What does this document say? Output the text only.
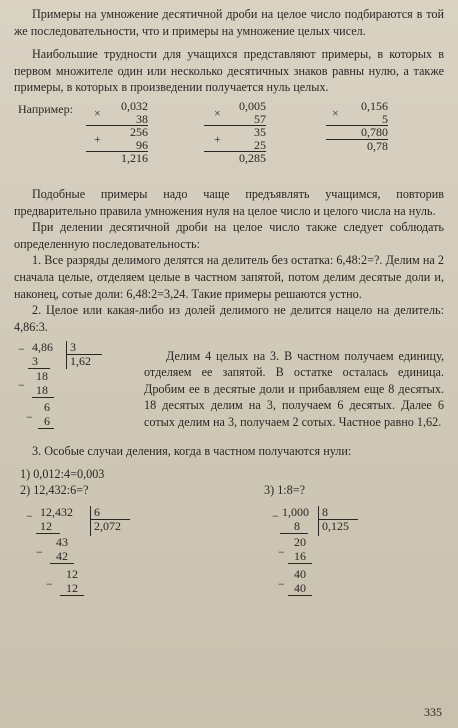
Примеры на умножение десятичной дроби на целое число подбираются в той же последовательности, что и примеры на умножение целых чисел.

Наибольшие трудности для учащихся представляют примеры, в которых в первом множителе один или несколько десятичных знаков равны нулю, а также примеры, в которых в произведении получается нуль целых.

Например: ×
+
0,032
38
256
96
1,216
×
+
0,005
57
35
25
0,285
×	0,156
5
0,780
0,78

Подобные примеры надо чаще предъявлять учащимся, повторив предварительно правила умножения нуля на целое число и целого числа на нуль.

При делении десятичной дроби на целое число также следует соблюдать определенную последовательность:

1. Все разряды делимого делятся на делитель без остатка: 6,48:2=?. Делим на 2 сначала целые, отделяем целые в частном запятой, потом делим десятые доли и, наконец, сотые доли: 6,48:2=3,24. Такие примеры решаются устно.

2. Целое или какая-либо из долей делимого не делится нацело на делитель: 4,86:3.

− 4,86 3
1,62
3
−
18
18
−
6
6

Делим 4 целых на 3. В частном получаем единицу, отделяем ее запятой. В остатке осталась единица. Дробим ее в десятые доли и прибавляем еще 8 десятых. 18 десятых делим на 3, получаем 6 десятых. Далее 6 сотых делим на 3, получаем 2 сотых. Частное равно 1,62.

3. Особые случаи деления, когда в частном получаются нули:

1) 0,012:4=0,003
2) 12,432:6=?	3) 1:8=?
− 12,432 6
2,072
12
−
43
42
−
12
12
− 1,000 8
0,125
8
−
20
16
−
40
40
335
